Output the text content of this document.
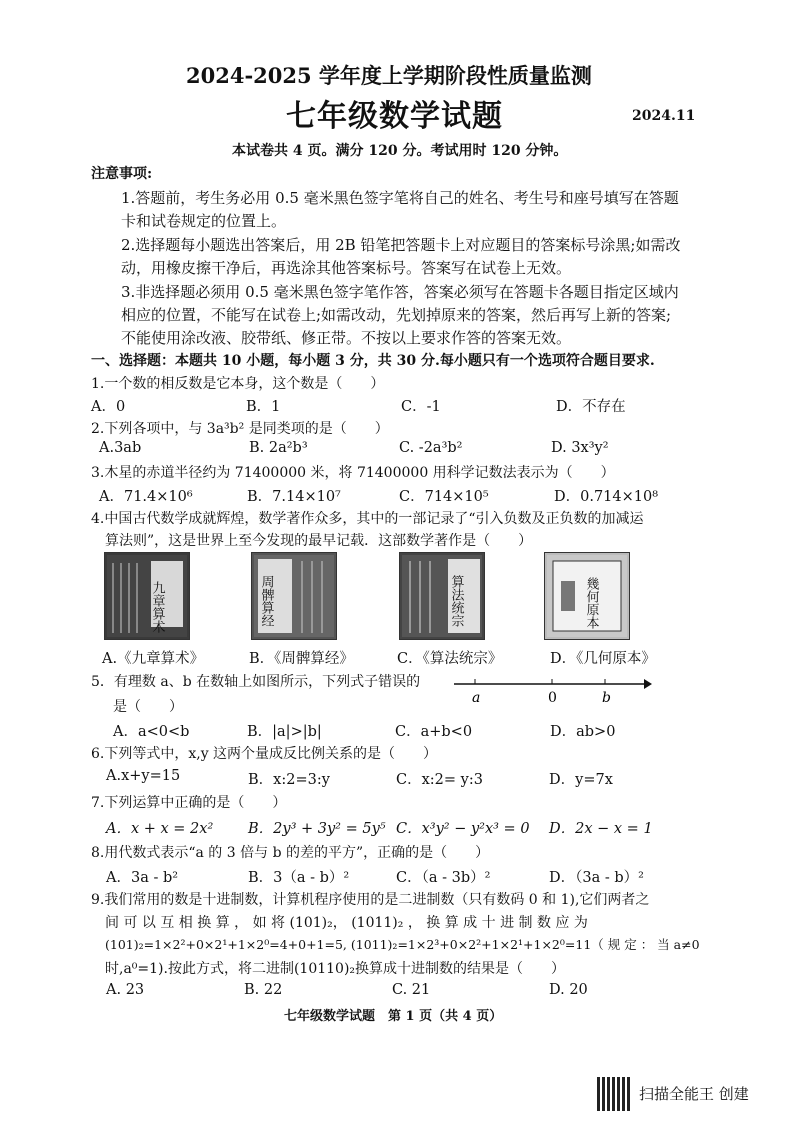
2024-2025 学年度上学期阶段性质量监测
七年级数学试题	2024.11
本试卷共 4 页。满分 120 分。考试用时 120 分钟。
注意事项:
1.答题前，考生务必用 0.5 毫米黑色签字笔将自己的姓名、考生号和座号填写在答题
卡和试卷规定的位置上。
2.选择题每小题选出答案后，用 2B 铅笔把答题卡上对应题目的答案标号涂黑;如需改
动，用橡皮擦干净后，再选涂其他答案标号。答案写在试卷上无效。
3.非选择题必须用 0.5 毫米黑色签字笔作答，答案必须写在答题卡各题目指定区域内
相应的位置，不能写在试卷上;如需改动，先划掉原来的答案，然后再写上新的答案;
不能使用涂改液、胶带纸、修正带。不按以上要求作答的答案无效。
一、选择题：本题共 10 小题，每小题 3 分，共 30 分.每小题只有一个选项符合题目要求.
1.一个数的相反数是它本身，这个数是（　　）
A．0	B．1	C．-1	D．不存在
2.下列各项中，与 3a³b² 是同类项的是（　　）
A.3ab	B. 2a²b³	C. -2a³b²	D. 3x³y²
3.木星的赤道半径约为 71400000 米，将 71400000 用科学记数法表示为（　　）
A．71.4×10⁶	B．7.14×10⁷	C．714×10⁵	D．0.714×10⁸
4.中国古代数学成就辉煌，数学著作众多，其中的一部记录了“引入负数及正负数的加减运
算法则”，这是世界上至今发现的最早记载．这部数学著作是（　　）
九章算术	周髀算经	算法统宗	幾何原本
A.《九章算术》	B．《周髀算经》	C．《算法统宗》	D．《几何原本》
5．有理数 a、b 在数轴上如图所示，下列式子错误的
是（　　）
a	0	b
A．a<0<b	B．|a|>|b|	C．a+b<0	D．ab>0
6.下列等式中，x,y 这两个量成反比例关系的是（　　）
A.x+y=15	B．x:2=3:y	C．x:2= y:3	D．y=7x
7.下列运算中正确的是（　　）
A．x + x = 2x²	B．2y³ + 3y² = 5y⁵ C．x³y² − y²x³ = 0	D．2x − x = 1
8.用代数式表示“a 的 3 倍与 b 的差的平方”，正确的是（　　）
A．3a - b²	B．3（a - b）²	C．（a - 3b）²	D．（3a - b）²
9.我们常用的数是十进制数，计算机程序使用的是二进制数（只有数码 0 和 1),它们两者之
间 可 以 互 相 换 算 ， 如 将 (101)₂， (1011)₂ ， 换 算 成 十 进 制 数 应 为
(101)₂=1×2²+0×2¹+1×2⁰=4+0+1=5, (1011)₂=1×2³+0×2²+1×2¹+1×2⁰=11（ 规 定 ： 当 a≠0
时,a⁰=1).按此方式，将二进制(10110)₂换算成十进制数的结果是（　　）
A. 23	B. 22	C. 21	D. 20
七年级数学试题　第 1 页（共 4 页）
扫描全能王 创建
